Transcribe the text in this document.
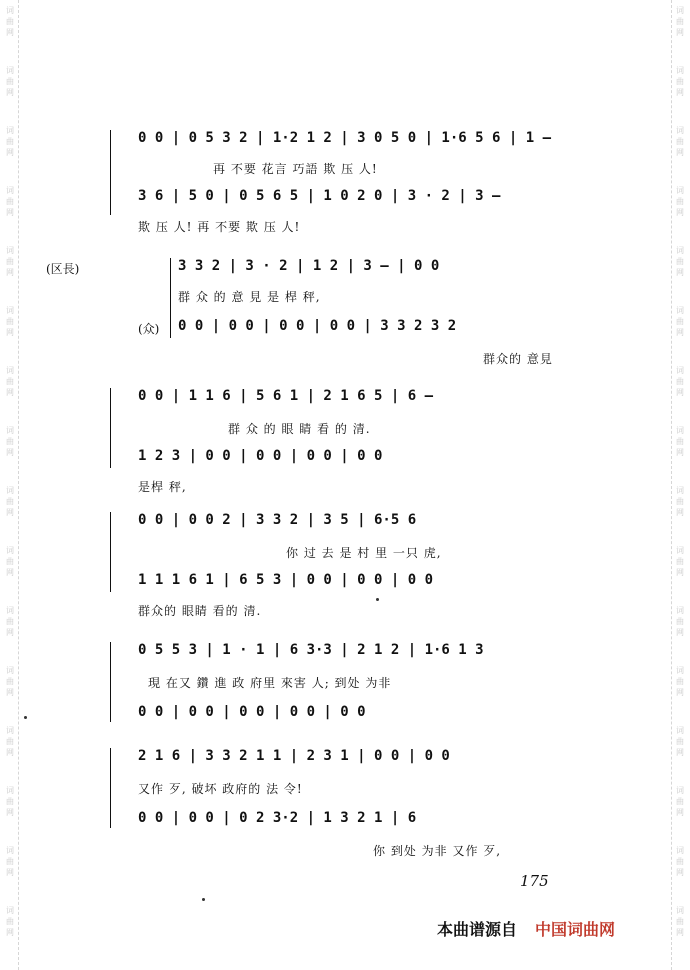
词
曲
网
词
曲
网
词
曲
网
词
曲
网
词
曲
网
词
曲
网
词
曲
网
词
曲
网
词
曲
网
词
曲
网
词
曲
网
词
曲
网
词
曲
网
词
曲
网
词
曲
网
词
曲
网
词
曲
网
词
曲
网
词
曲
网
词
曲
网
词
曲
网
词
曲
网
词
曲
网
词
曲
网
词
曲
网
词
曲
网
词
曲
网
词
曲
网
词
曲
网
词
曲
网
词
曲
网
词
曲
网
0 0 | 0 5 3 2 | 1·2 1 2 | 3 0 5 0 | 1·6 5 6 | 1 —
再 不要 花言 巧語 欺 压 人!
3 6 | 5 0 | 0 5 6 5 | 1 0 2 0 | 3 · 2 | 3 —
欺 压 人! 再 不要 欺 压 人!
(区長)	3 3 2 | 3 · 2 | 1 2 | 3 — | 0 0
群 众 的 意 見 是 桿 秤,
(众) 0 0 | 0 0 | 0 0 | 0 0 | 3 3 2 3 2
群众的 意見
0 0 | 1 1 6 | 5 6 1 | 2 1 6 5 | 6 —
群 众 的 眼 睛 看 的 清.
1 2 3 | 0 0 | 0 0 | 0 0 | 0 0
是桿 秤,
0 0 | 0 0 2 | 3 3 2 | 3 5 | 6·5 6
你 过 去 是 村 里 一只 虎,
1 1 1 6 1 | 6 5 3 | 0 0 | 0 0 | 0 0
群众的 眼睛 看的 清.
0 5 5 3 | 1 · 1 | 6 3·3 | 2 1 2 | 1·6 1 3
現 在又 鑽 進 政 府里 來害 人; 到处 为非
0 0 | 0 0 | 0 0 | 0 0 | 0 0
2 1 6 | 3 3 2 1 1 | 2 3 1 | 0 0 | 0 0
又作 歹, 破坏 政府的 法 令!
0 0 | 0 0 | 0 2 3·2 | 1 3 2 1 | 6
你 到处 为非 又作 歹,
175
本曲谱源自 中国词曲网
